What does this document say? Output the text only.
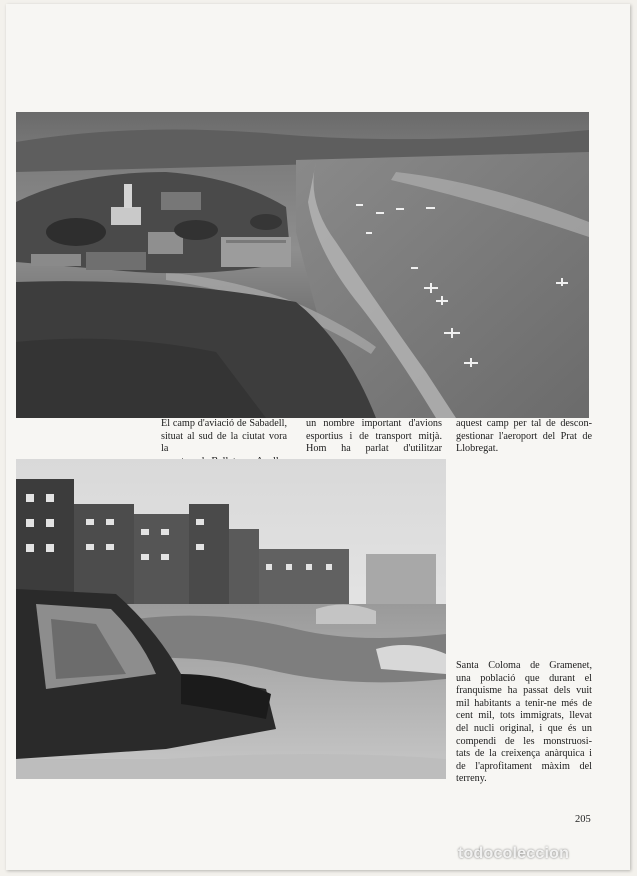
El camp d'aviació de Sabadell,
situat al sud de la ciutat vora la
un nombre important d'avions
esportius i de transport mitjà.
Hom ha parlat d'utilitzar
aquest camp per tal de descon-
gestionar l'aeroport del Prat de
Llobregat.
Santa Coloma de Gramenet,
una població que durant el
franquisme ha passat dels vuit
mil habitants a tenir-ne més de
cent mil, tots immigrats, llevat
del nucli original, i que és un
compendi de les monstruosi-
tats de la creixença anàrquica i
de l'aprofitament màxim del
terreny.
205
todocoleccion
